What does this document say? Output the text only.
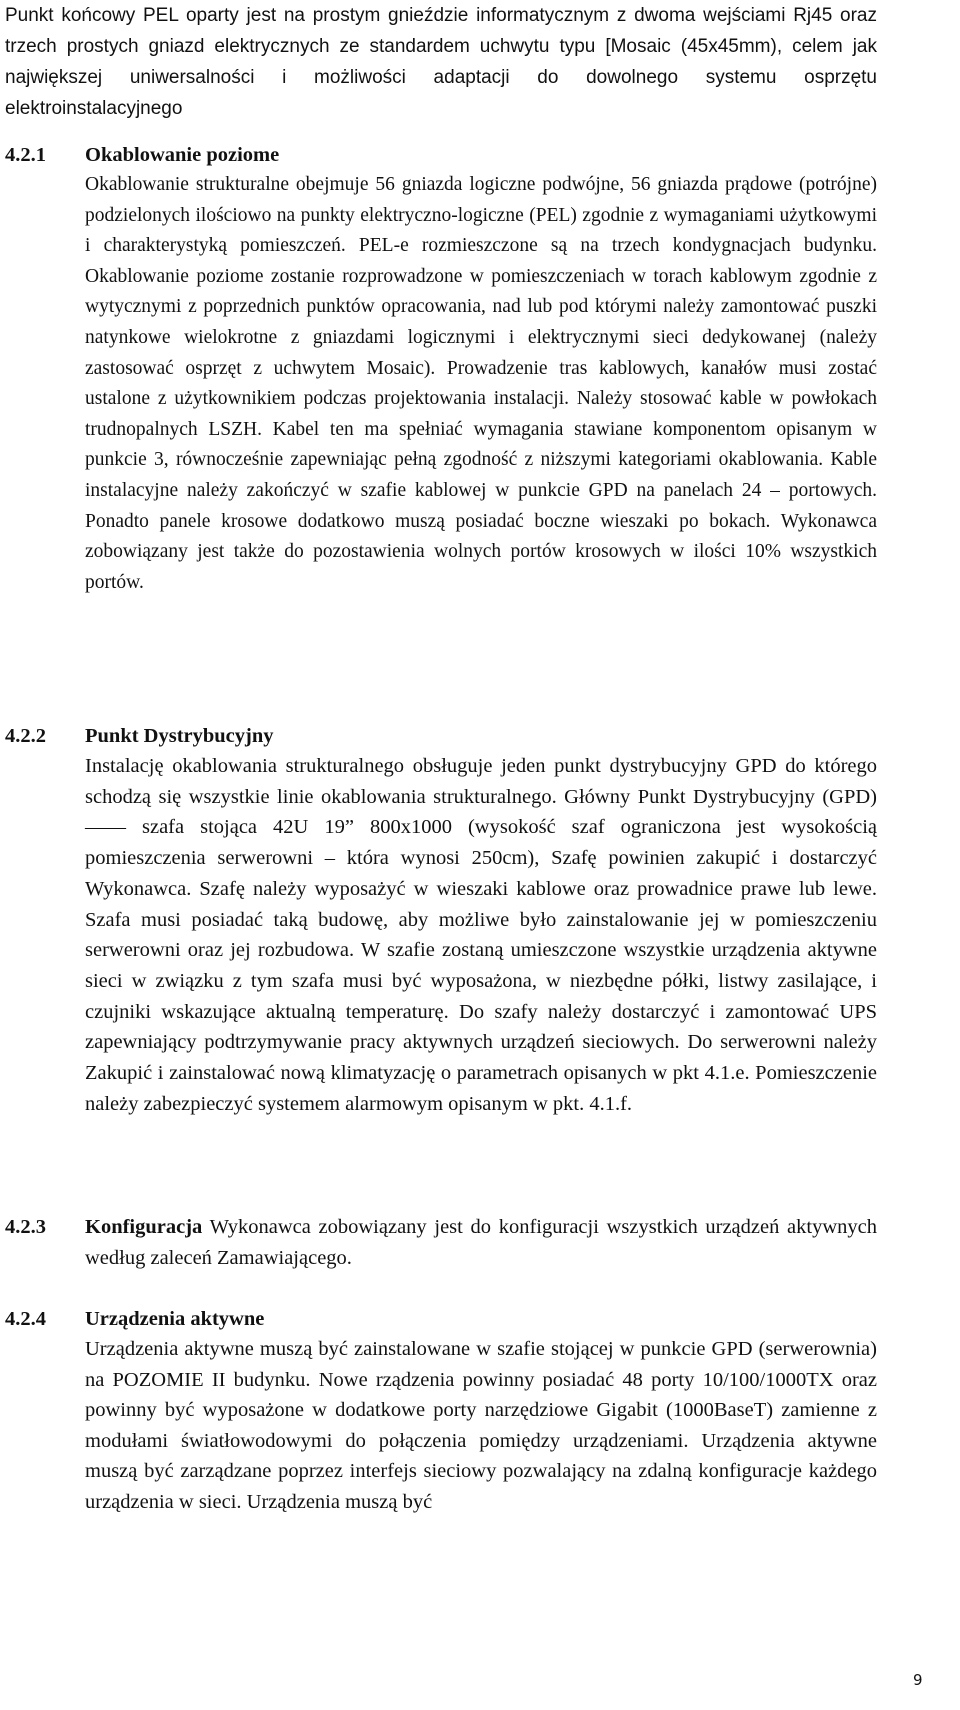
Punkt końcowy PEL oparty jest na prostym gnieździe informatycznym z dwoma wejściami Rj45 oraz trzech prostych gniazd elektrycznych ze standardem uchwytu typu [Mosaic (45x45mm), celem jak największej uniwersalności i możliwości adaptacji do dowolnego systemu osprzętu elektroinstalacyjnego
4.2.1 Okablowanie poziome
Okablowanie strukturalne obejmuje 56 gniazda logiczne podwójne, 56 gniazda prądowe (potrójne) podzielonych ilościowo na punkty elektryczno-logiczne (PEL) zgodnie z wymaganiami użytkowymi i charakterystyką pomieszczeń. PEL-e rozmieszczone są na trzech kondygnacjach budynku. Okablowanie poziome zostanie rozprowadzone w pomieszczeniach w torach kablowym zgodnie z wytycznymi z poprzednich punktów opracowania, nad lub pod którymi należy zamontować puszki natynkowe wielokrotne z gniazdami logicznymi i elektrycznymi sieci dedykowanej (należy zastosować osprzęt z uchwytem Mosaic). Prowadzenie tras kablowych, kanałów musi zostać ustalone z użytkownikiem podczas projektowania instalacji. Należy stosować kable w powłokach trudnopalnych LSZH. Kabel ten ma spełniać wymagania stawiane komponentom opisanym w punkcie 3, równocześnie zapewniając pełną zgodność z niższymi kategoriami okablowania. Kable instalacyjne należy zakończyć w szafie kablowej w punkcie GPD na panelach 24 – portowych. Ponadto panele krosowe dodatkowo muszą posiadać boczne wieszaki po bokach. Wykonawca zobowiązany jest także do pozostawienia wolnych portów krosowych w ilości 10% wszystkich portów.
4.2.2 Punkt Dystrybucyjny
Instalację okablowania strukturalnego obsługuje jeden punkt dystrybucyjny GPD do którego schodzą się wszystkie linie okablowania strukturalnego. Główny Punkt Dystrybucyjny (GPD) —— szafa stojąca 42U 19” 800x1000 (wysokość szaf ograniczona jest wysokością pomieszczenia serwerowni – która wynosi 250cm), Szafę powinien zakupić i dostarczyć Wykonawca. Szafę należy wyposażyć w wieszaki kablowe oraz prowadnice prawe lub lewe. Szafa musi posiadać taką budowę, aby możliwe było zainstalowanie jej w pomieszczeniu serwerowni oraz jej rozbudowa. W szafie zostaną umieszczone wszystkie urządzenia aktywne sieci w związku z tym szafa musi być wyposażona, w niezbędne półki, listwy zasilające, i czujniki wskazujące aktualną temperaturę. Do szafy należy dostarczyć i zamontować UPS zapewniający podtrzymywanie pracy aktywnych urządzeń sieciowych. Do serwerowni należy Zakupić i zainstalować nową klimatyzację o parametrach opisanych w pkt 4.1.e. Pomieszczenie należy zabezpieczyć systemem alarmowym opisanym w pkt. 4.1.f.
4.2.3 Konfiguracja Wykonawca zobowiązany jest do konfiguracji wszystkich urządzeń aktywnych według zaleceń Zamawiającego.
4.2.4 Urządzenia aktywne
Urządzenia aktywne muszą być zainstalowane w szafie stojącej w punkcie GPD (serwerownia) na POZOMIE II budynku. Nowe rządzenia powinny posiadać 48 porty 10/100/1000TX oraz powinny być wyposażone w dodatkowe porty narzędziowe Gigabit (1000BaseT) zamienne z modułami światłowodowymi do połączenia pomiędzy urządzeniami. Urządzenia aktywne muszą być zarządzane poprzez interfejs sieciowy pozwalający na zdalną konfiguracje każdego urządzenia w sieci. Urządzenia muszą być
9
